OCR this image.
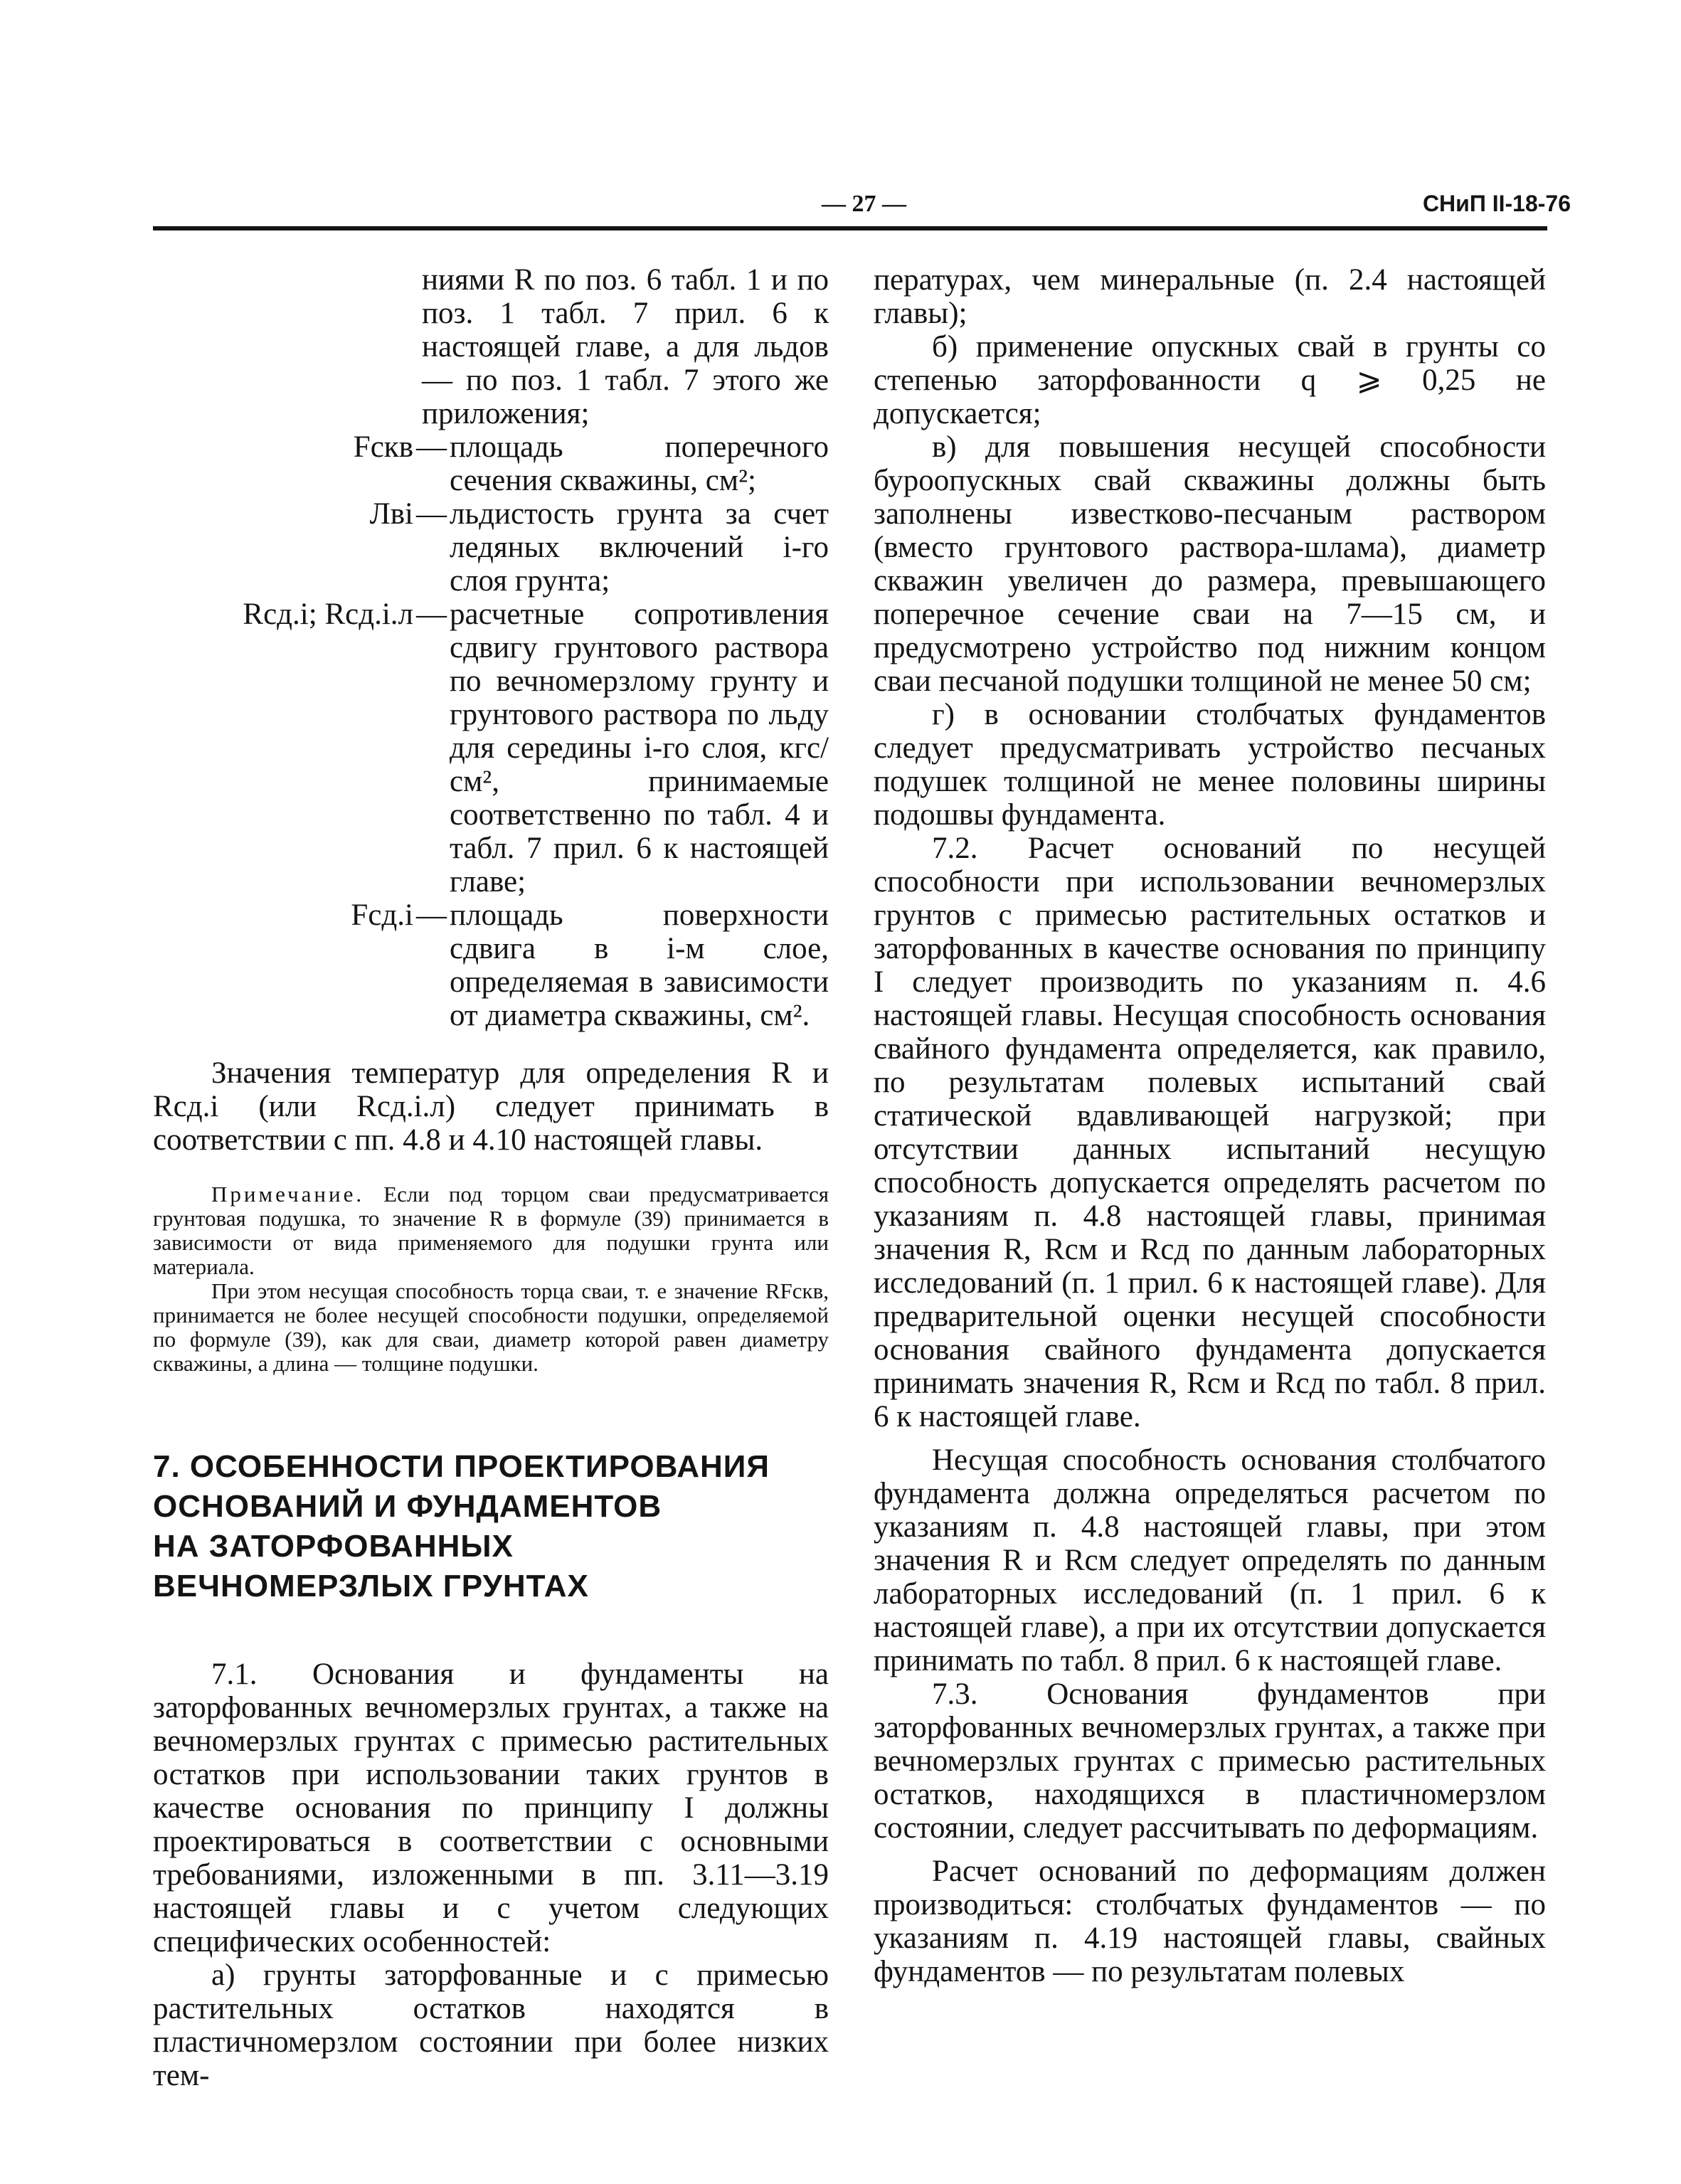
— 27 —	СНиП II-18-76
ниями R по поз. 6 табл. 1 и по поз. 1 табл. 7 прил. 6 к настоящей главе, а для льдов — по поз. 1 табл. 7 этого же приложения;
Fскв — площадь поперечного сечения скважины, см²;
Лвi — льдистость грунта за счет ледяных включений i-го слоя грунта;
Rсд.i; Rсд.i.л — расчетные сопротивления сдвигу грунтового раствора по вечномерзлому грунту и грунтового раствора по льду для середины i-го слоя, кгс/см², принимаемые соответственно по табл. 4 и табл. 7 прил. 6 к настоящей главе;
Fсд.i — площадь поверхности сдвига в i-м слое, определяемая в зависимости от диаметра скважины, см².

Значения температур для определения R и Rсд.i (или Rсд.i.л) следует принимать в соответствии с пп. 4.8 и 4.10 настоящей главы.

Примечание. Если под торцом сваи предусматривается грунтовая подушка, то значение R в формуле (39) принимается в зависимости от вида применяемого для подушки грунта или материала.

При этом несущая способность торца сваи, т. е значение RFскв, принимается не более несущей способности подушки, определяемой по формуле (39), как для сваи, диаметр которой равен диаметру скважины, а длина — толщине подушки.

7. ОСОБЕННОСТИ ПРОЕКТИРОВАНИЯ
ОСНОВАНИЙ И ФУНДАМЕНТОВ
НА ЗАТОРФОВАННЫХ
ВЕЧНОМЕРЗЛЫХ ГРУНТАХ

7.1. Основания и фундаменты на заторфованных вечномерзлых грунтах, а также на вечномерзлых грунтах с примесью растительных остатков при использовании таких грунтов в качестве основания по принципу I должны проектироваться в соответствии с основными требованиями, изложенными в пп. 3.11—3.19 настоящей главы и с учетом следующих специфических особенностей:

а) грунты заторфованные и с примесью растительных остатков находятся в пластичномерзлом состоянии при более низких тем-

пературах, чем минеральные (п. 2.4 настоящей главы);

б) применение опускных свай в грунты со степенью заторфованности q ⩾ 0,25 не допускается;

в) для повышения несущей способности буроопускных свай скважины должны быть заполнены известково-песчаным раствором (вместо грунтового раствора-шлама), диаметр скважин увеличен до размера, превышающего поперечное сечение сваи на 7—15 см, и предусмотрено устройство под нижним концом сваи песчаной подушки толщиной не менее 50 см;

г) в основании столбчатых фундаментов следует предусматривать устройство песчаных подушек толщиной не менее половины ширины подошвы фундамента.

7.2. Расчет оснований по несущей способности при использовании вечномерзлых грунтов с примесью растительных остатков и заторфованных в качестве основания по принципу I следует производить по указаниям п. 4.6 настоящей главы. Несущая способность основания свайного фундамента определяется, как правило, по результатам полевых испытаний свай статической вдавливающей нагрузкой; при отсутствии данных испытаний несущую способность допускается определять расчетом по указаниям п. 4.8 настоящей главы, принимая значения R, Rсм и Rсд по данным лабораторных исследований (п. 1 прил. 6 к настоящей главе). Для предварительной оценки несущей способности основания свайного фундамента допускается принимать значения R, Rсм и Rсд по табл. 8 прил. 6 к настоящей главе.

Несущая способность основания столбчатого фундамента должна определяться расчетом по указаниям п. 4.8 настоящей главы, при этом значения R и Rсм следует определять по данным лабораторных исследований (п. 1 прил. 6 к настоящей главе), а при их отсутствии допускается принимать по табл. 8 прил. 6 к настоящей главе.

7.3. Основания фундаментов при заторфованных вечномерзлых грунтах, а также при вечномерзлых грунтах с примесью растительных остатков, находящихся в пластичномерзлом состоянии, следует рассчитывать по деформациям.

Расчет оснований по деформациям должен производиться: столбчатых фундаментов — по указаниям п. 4.19 настоящей главы, свайных фундаментов — по результатам полевых
